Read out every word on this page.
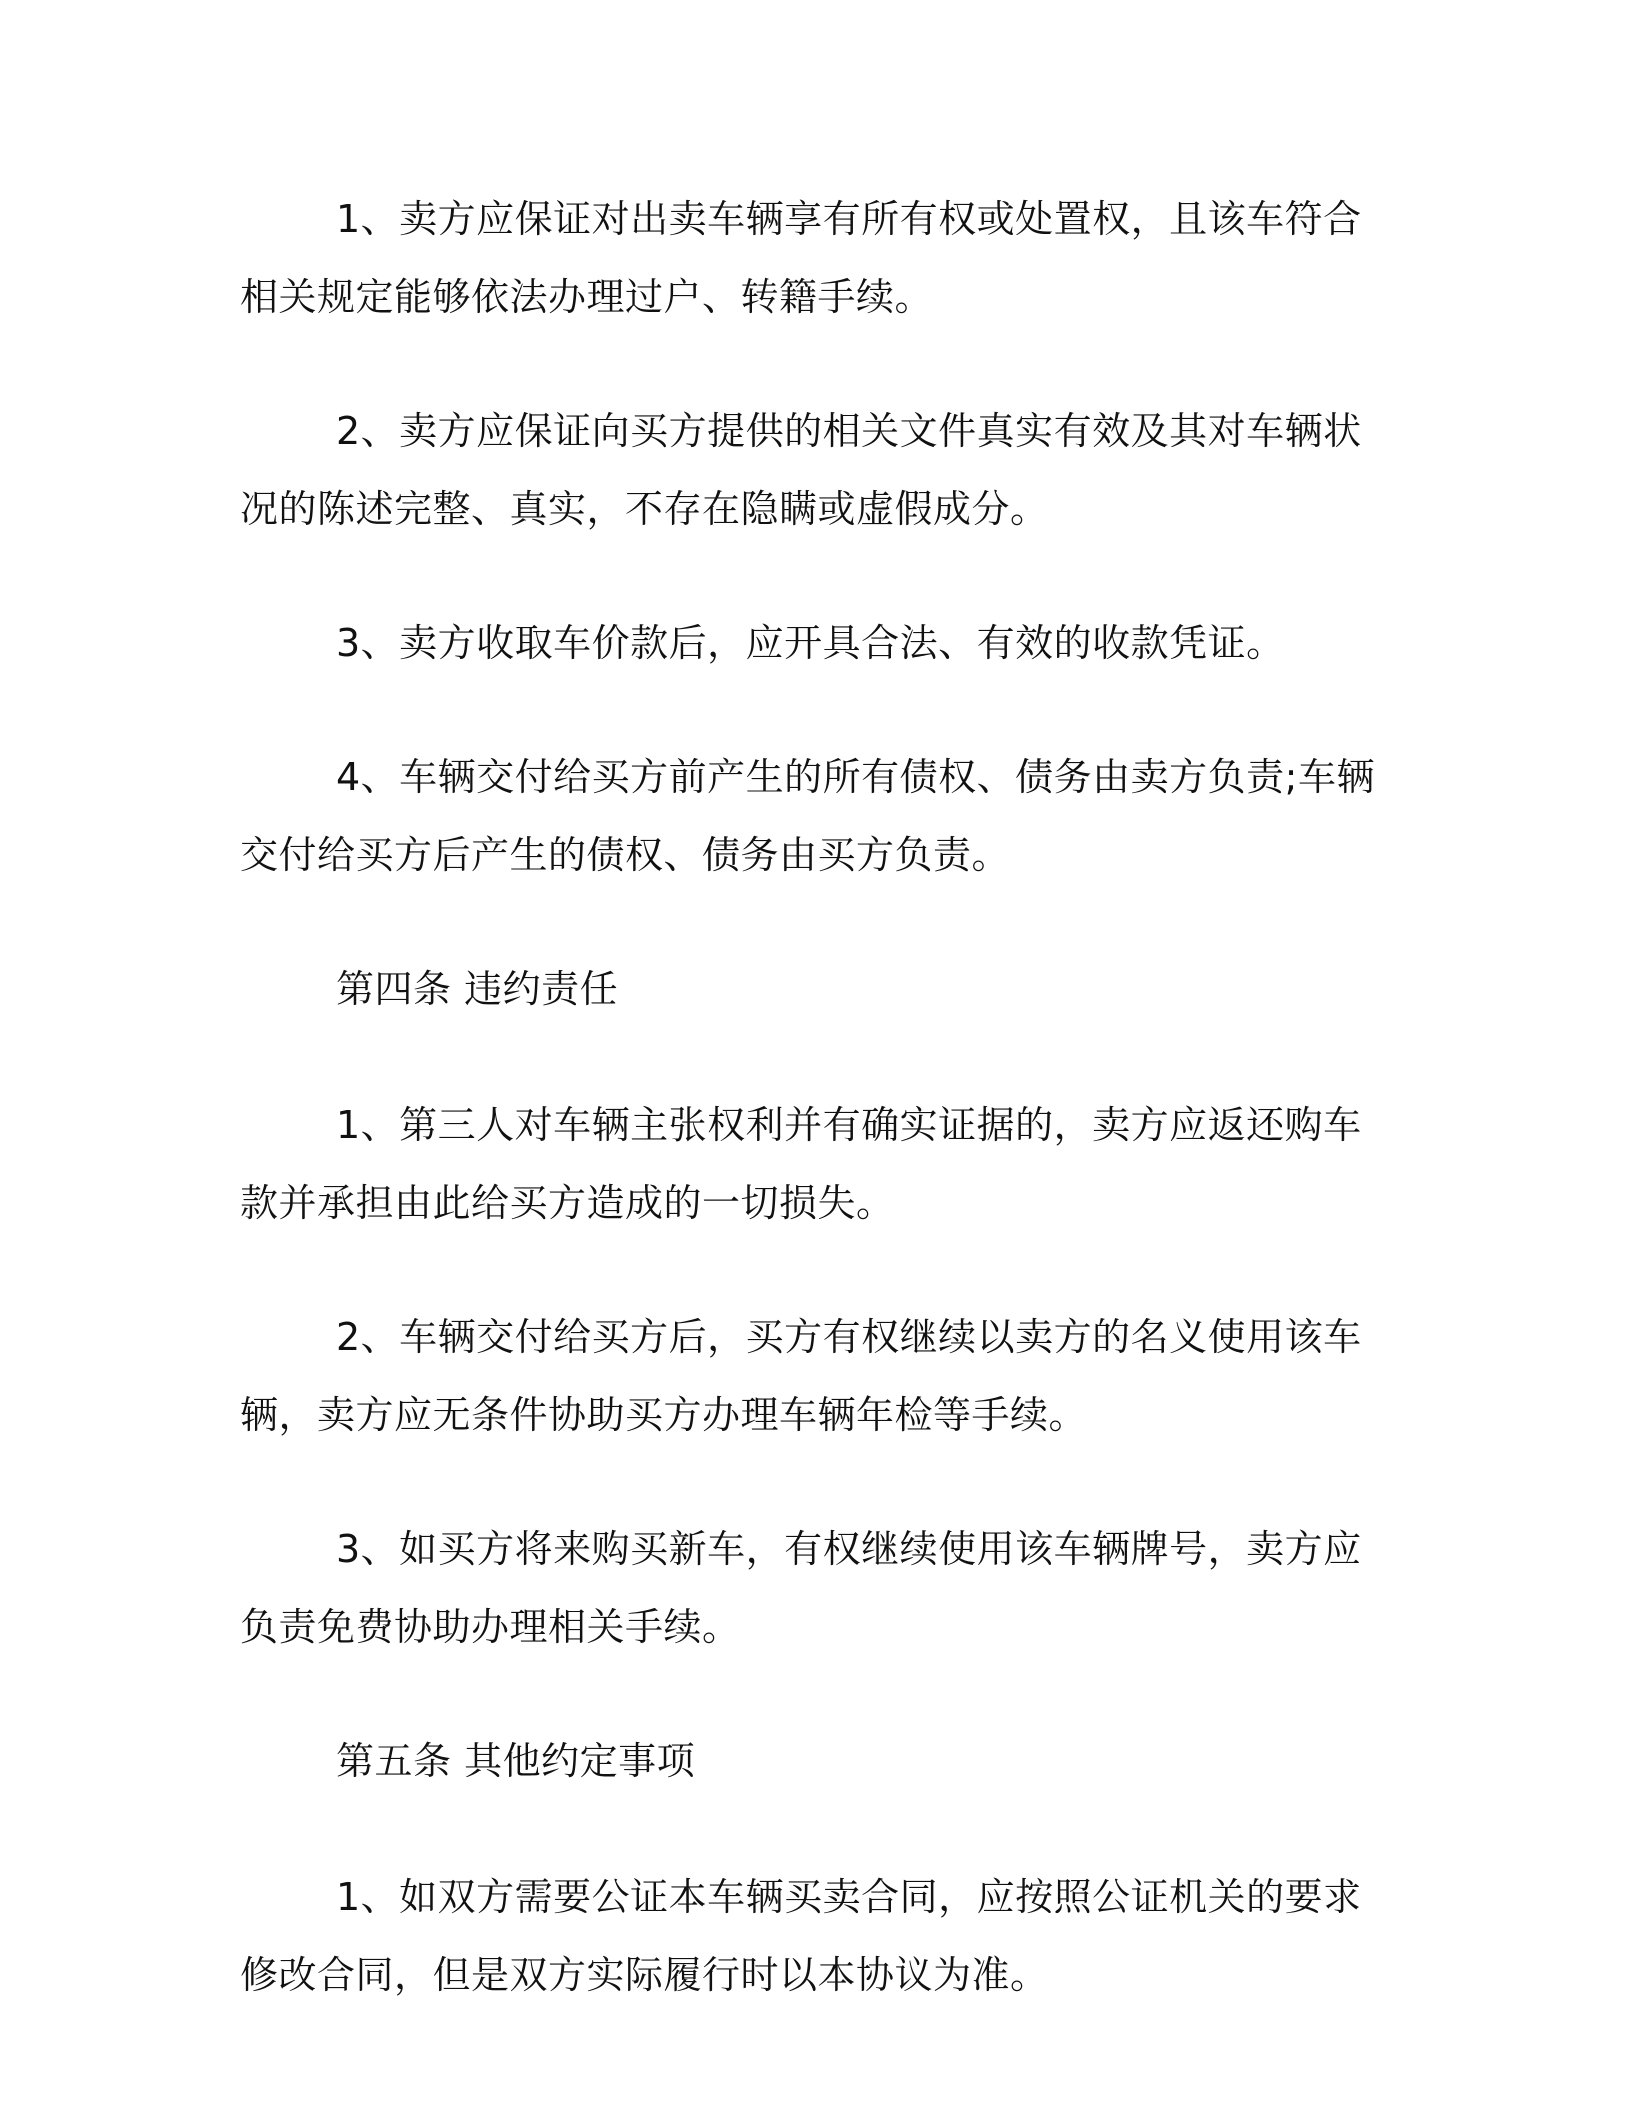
1、卖方应保证对出卖车辆享有所有权或处置权，且该车符合相关规定能够依法办理过户、转籍手续。

2、卖方应保证向买方提供的相关文件真实有效及其对车辆状况的陈述完整、真实，不存在隐瞒或虚假成分。

3、卖方收取车价款后，应开具合法、有效的收款凭证。

4、车辆交付给买方前产生的所有债权、债务由卖方负责;车辆交付给买方后产生的债权、债务由买方负责。

第四条 违约责任

1、第三人对车辆主张权利并有确实证据的，卖方应返还购车款并承担由此给买方造成的一切损失。

2、车辆交付给买方后，买方有权继续以卖方的名义使用该车辆，卖方应无条件协助买方办理车辆年检等手续。

3、如买方将来购买新车，有权继续使用该车辆牌号，卖方应负责免费协助办理相关手续。

第五条 其他约定事项

1、如双方需要公证本车辆买卖合同，应按照公证机关的要求修改合同，但是双方实际履行时以本协议为准。
